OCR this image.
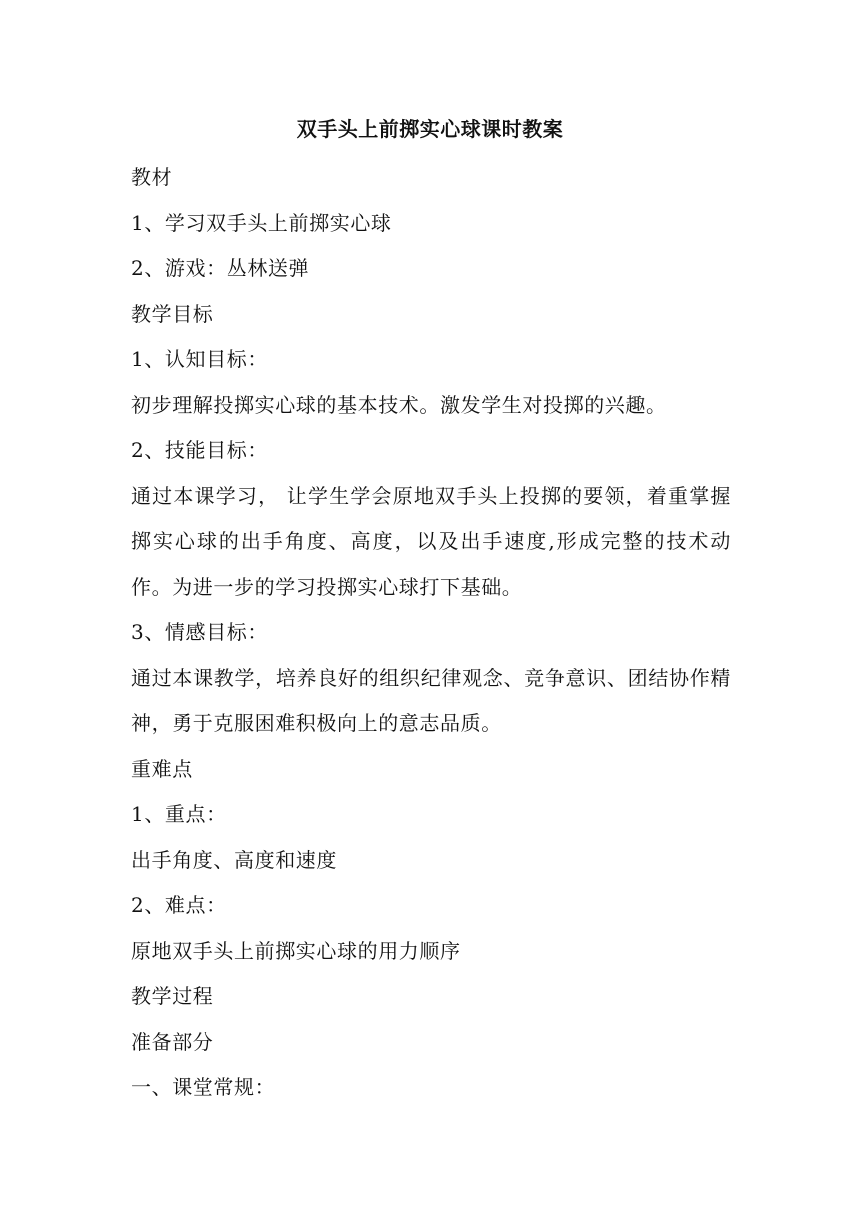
双手头上前掷实心球课时教案

教材

1、学习双手头上前掷实心球

2、游戏：丛林送弹

教学目标

1、认知目标：

初步理解投掷实心球的基本技术。激发学生对投掷的兴趣。

2、技能目标：

通过本课学习， 让学生学会原地双手头上投掷的要领，着重掌握掷实心球的出手角度、高度，以及出手速度,形成完整的技术动作。为进一步的学习投掷实心球打下基础。

3、情感目标：

通过本课教学，培养良好的组织纪律观念、竞争意识、团结协作精神，勇于克服困难积极向上的意志品质。

重难点

1、重点：

出手角度、高度和速度

2、难点：

原地双手头上前掷实心球的用力顺序

教学过程

准备部分

一、课堂常规：
